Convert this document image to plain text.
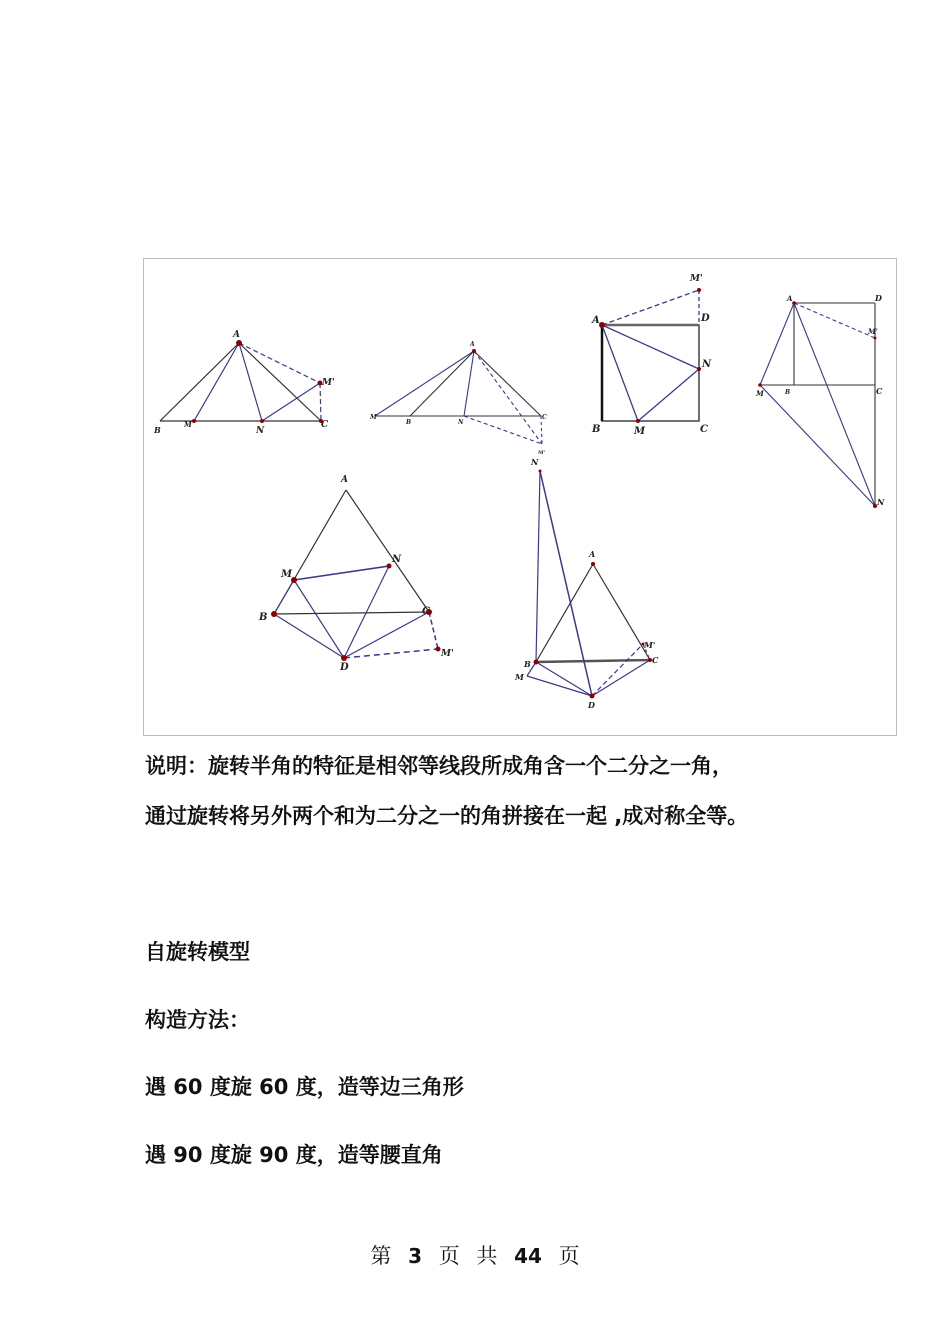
A
M'
B
M
N
C
A
M
B	N
C
M'
M'
A	D
N
B	M	C
A	D
M'
M	B	C
N
A
M
N
B
C
D
M'
N
A
M'
B	C
M
D
说明：旋转半角的特征是相邻等线段所成角含一个二分之一角，
通过旋转将另外两个和为二分之一的角拼接在一起 ,成对称全等。
自旋转模型
构造方法：
遇 60 度旋 60 度，造等边三角形
遇 90 度旋 90 度，造等腰直角
第 3 页 共 44 页
